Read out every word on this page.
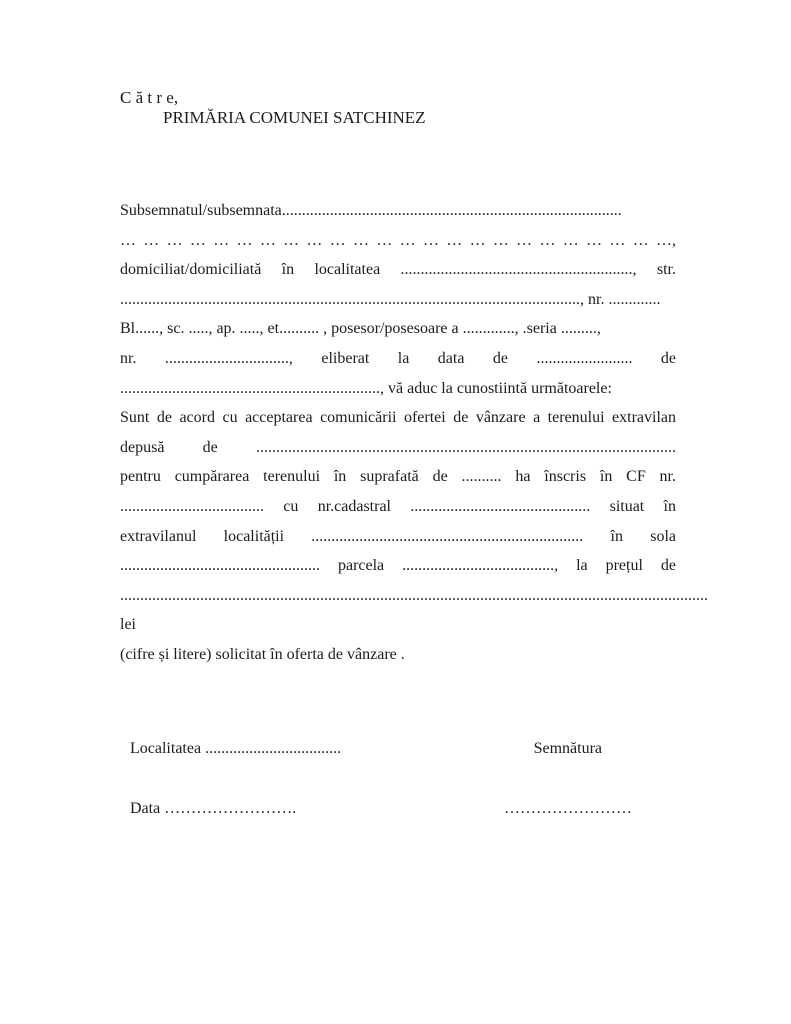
C ă t r e,
PRIMĂRIA COMUNEI SATCHINEZ
Subsemnatul/subsemnata.....................................................................................
… … … … … … … … … … … … … … … … … … … … … … … …,
domiciliat/domiciliată în localitatea .........................................................., str.
..................................................................................................................., nr. .............
Bl......, sc. ....., ap. ....., et.......... , posesor/posesoare a ............., .seria .........,
nr. ..............................., eliberat la data de ........................ de
................................................................., vă aduc la cunostiintă următoarele:
Sunt de acord cu acceptarea comunicării ofertei de vânzare a terenului extravilan
depusă de .........................................................................................................
pentru cumpărarea terenului în suprafată de .......... ha înscris în CF nr.
.................................... cu nr.cadastral ............................................. situat în
extravilanul localității .................................................................... în sola
.................................................. parcela ......................................, la prețul de
................................................................................................................................................... lei
(cifre și litere) solicitat în oferta de vânzare .
Localitatea ..................................	Semnătura
Data …………………….	……………………
